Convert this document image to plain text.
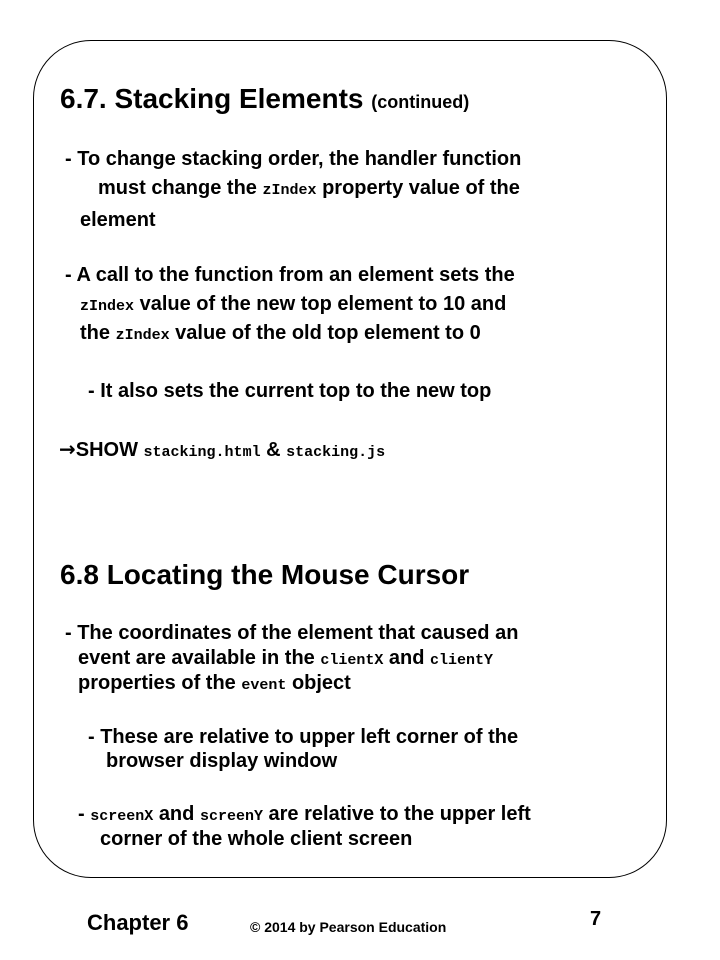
6.7. Stacking Elements (continued)
- To change stacking order, the handler function
must change the zIndex property value of the
element
- A call to the function from an element sets the
zIndex value of the new top element to 10 and
the zIndex value of the old top element to 0
- It also sets the current top to the new top
→SHOW stacking.html & stacking.js
6.8 Locating the Mouse Cursor
- The coordinates of the element that caused an
event are available in the clientX and clientY
properties of the event object
- These are relative to upper left corner of the
browser display window
- screenX and screenY are relative to the upper left
corner of the whole client screen
Chapter 6	© 2014 by Pearson Education	7
